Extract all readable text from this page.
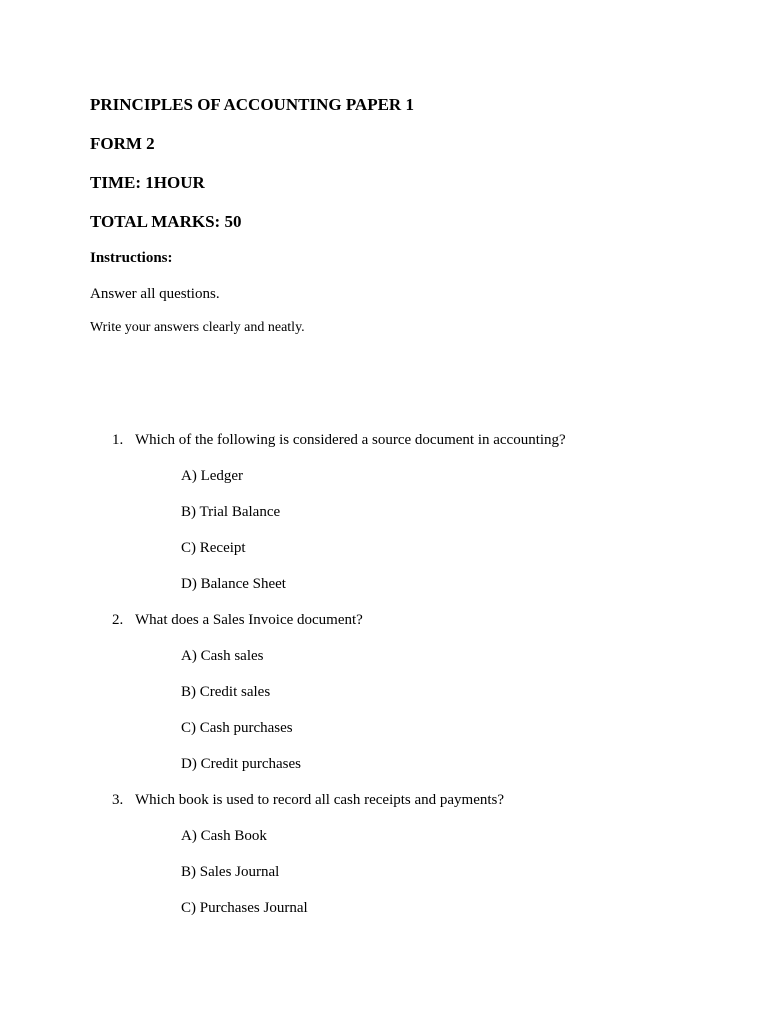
PRINCIPLES OF ACCOUNTING PAPER 1
FORM 2
TIME: 1HOUR
TOTAL MARKS: 50
Instructions:
Answer all questions.
Write your answers clearly and neatly.
1. Which of the following is considered a source document in accounting?
A) Ledger
B) Trial Balance
C) Receipt
D) Balance Sheet
2. What does a Sales Invoice document?
A) Cash sales
B) Credit sales
C) Cash purchases
D) Credit purchases
3. Which book is used to record all cash receipts and payments?
A) Cash Book
B) Sales Journal
C) Purchases Journal
